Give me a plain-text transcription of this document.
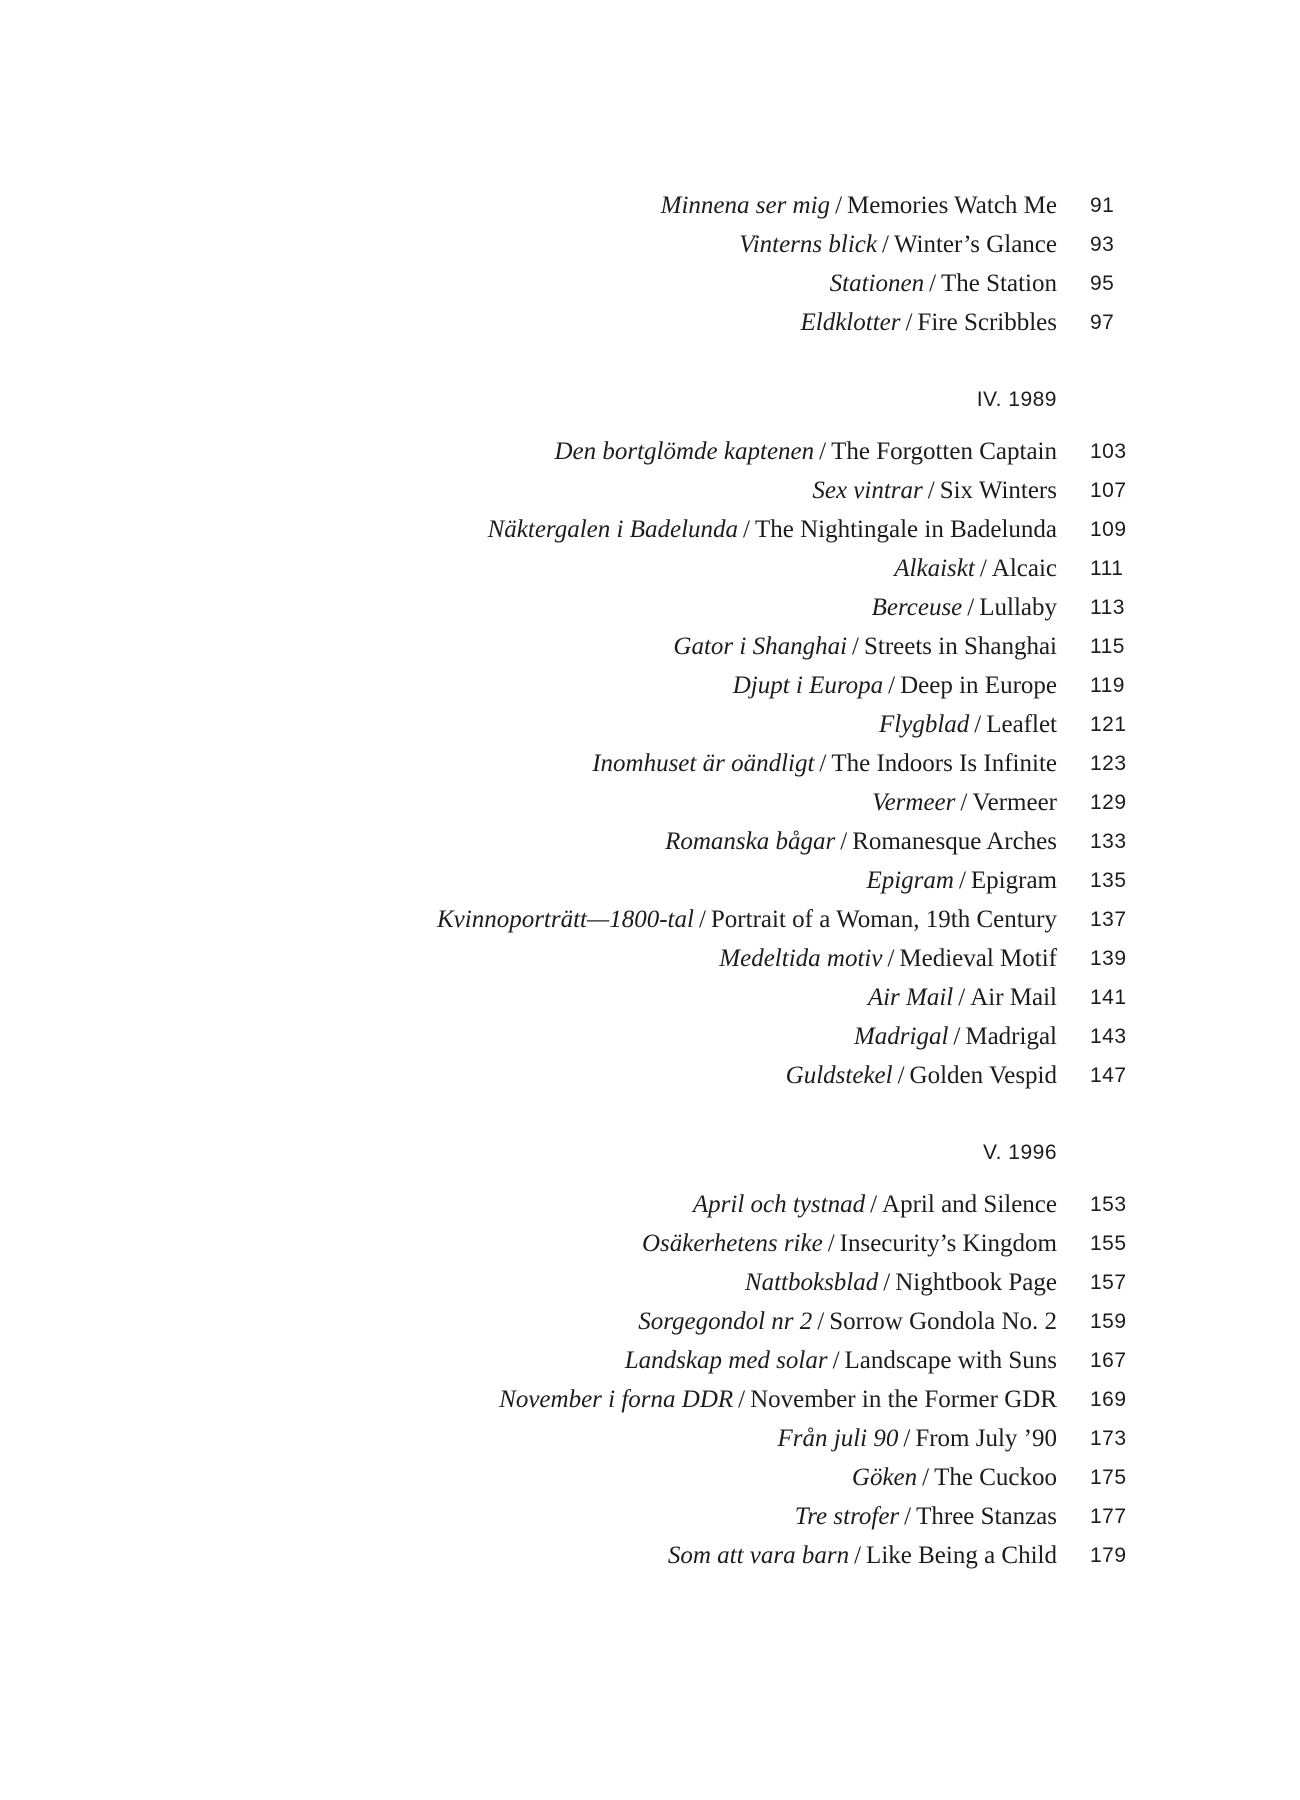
Minnena ser mig / Memories Watch Me 91
Vinterns blick / Winter’s Glance 93
Stationen / The Station 95
Eldklotter / Fire Scribbles 97
IV. 1989
Den bortglömde kaptenen / The Forgotten Captain 103
Sex vintrar / Six Winters 107
Näktergalen i Badelunda / The Nightingale in Badelunda 109
Alkaiskt / Alcaic 111
Berceuse / Lullaby 113
Gator i Shanghai / Streets in Shanghai 115
Djupt i Europa / Deep in Europe 119
Flygblad / Leaflet 121
Inomhuset är oändligt / The Indoors Is Infinite 123
Vermeer / Vermeer 129
Romanska bågar / Romanesque Arches 133
Epigram / Epigram 135
Kvinnoporträtt—1800-tal / Portrait of a Woman, 19th Century 137
Medeltida motiv / Medieval Motif 139
Air Mail / Air Mail 141
Madrigal / Madrigal 143
Guldstekel / Golden Vespid 147
V. 1996
April och tystnad / April and Silence 153
Osäkerhetens rike / Insecurity’s Kingdom 155
Nattboksblad / Nightbook Page 157
Sorgegondol nr 2 / Sorrow Gondola No. 2 159
Landskap med solar / Landscape with Suns 167
November i forna DDR / November in the Former GDR 169
Från juli 90 / From July ’90 173
Göken / The Cuckoo 175
Tre strofer / Three Stanzas 177
Som att vara barn / Like Being a Child 179
